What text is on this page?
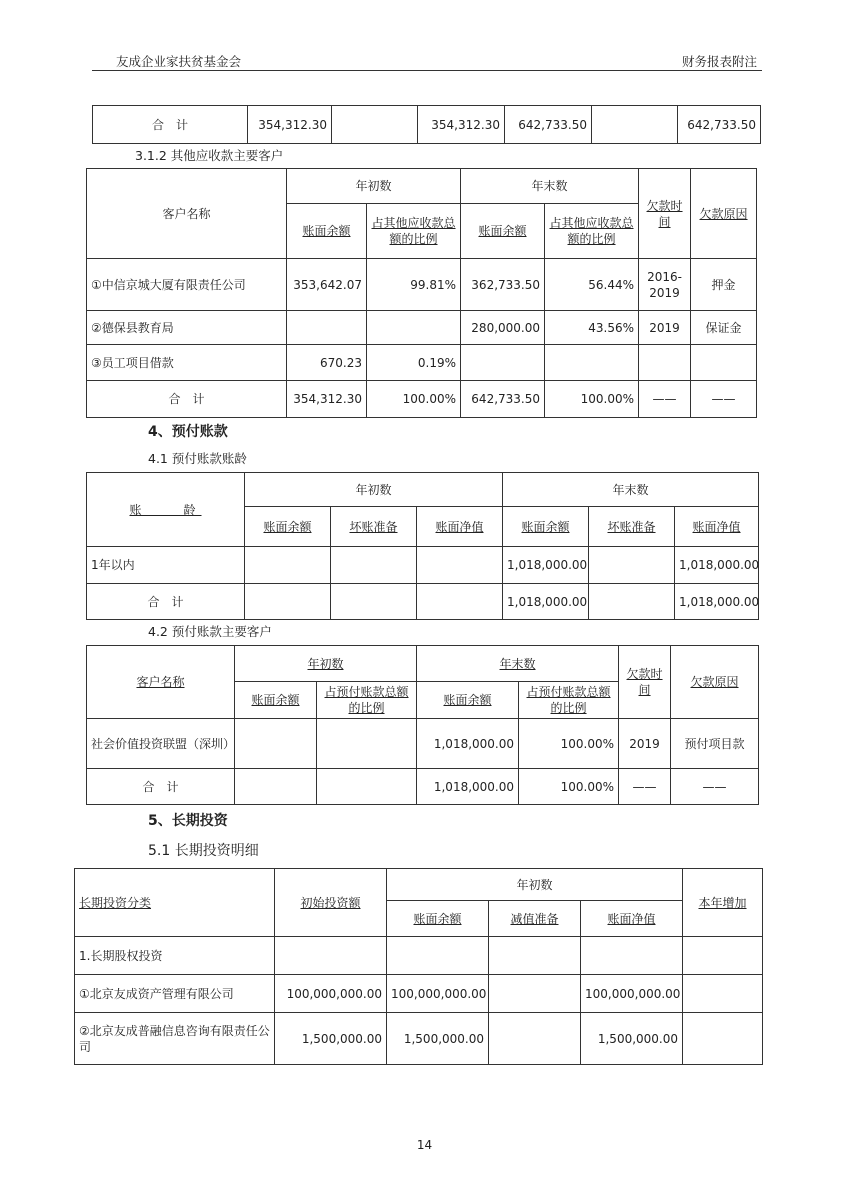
友成企业家扶贫基金会	财务报表附注
合　计	354,312.30		354,312.30	642,733.50		642,733.50
3.1.2 其他应收款主要客户
客户名称	年初数		年末数		欠款时间	欠款原因
	账面余额	占其他应收款总额的比例	账面余额	占其他应收款总额的比例		
①中信京城大厦有限责任公司	353,642.07	99.81%	362,733.50	56.44%	2016-2019	押金
②德保县教育局			280,000.00	43.56%	2019	保证金
③员工项目借款	670.23	0.19%				
合　计	354,312.30	100.00%	642,733.50	100.00%	——	——
4、预付账款
4.1 预付账款账龄
账　　龄	年初数			年末数		
	账面余额	坏账准备	账面净值	账面余额	坏账准备	账面净值
1年以内				1,018,000.00		1,018,000.00
合　计				1,018,000.00		1,018,000.00
4.2 预付账款主要客户
客户名称	年初数		年末数		欠款时间	欠款原因
	账面余额	占预付账款总额的比例	账面余额	占预付账款总额的比例		
社会价值投资联盟（深圳）			1,018,000.00	100.00%	2019	预付项目款
合　计			1,018,000.00	100.00%	——	——
5、长期投资
5.1 长期投资明细
长期投资分类	初始投资额	年初数			本年增加
		账面余额	减值准备	账面净值	
1.长期股权投资					
①北京友成资产管理有限公司	100,000,000.00	100,000,000.00		100,000,000.00	
②北京友成普融信息咨询有限责任公司	1,500,000.00	1,500,000.00		1,500,000.00	
14
